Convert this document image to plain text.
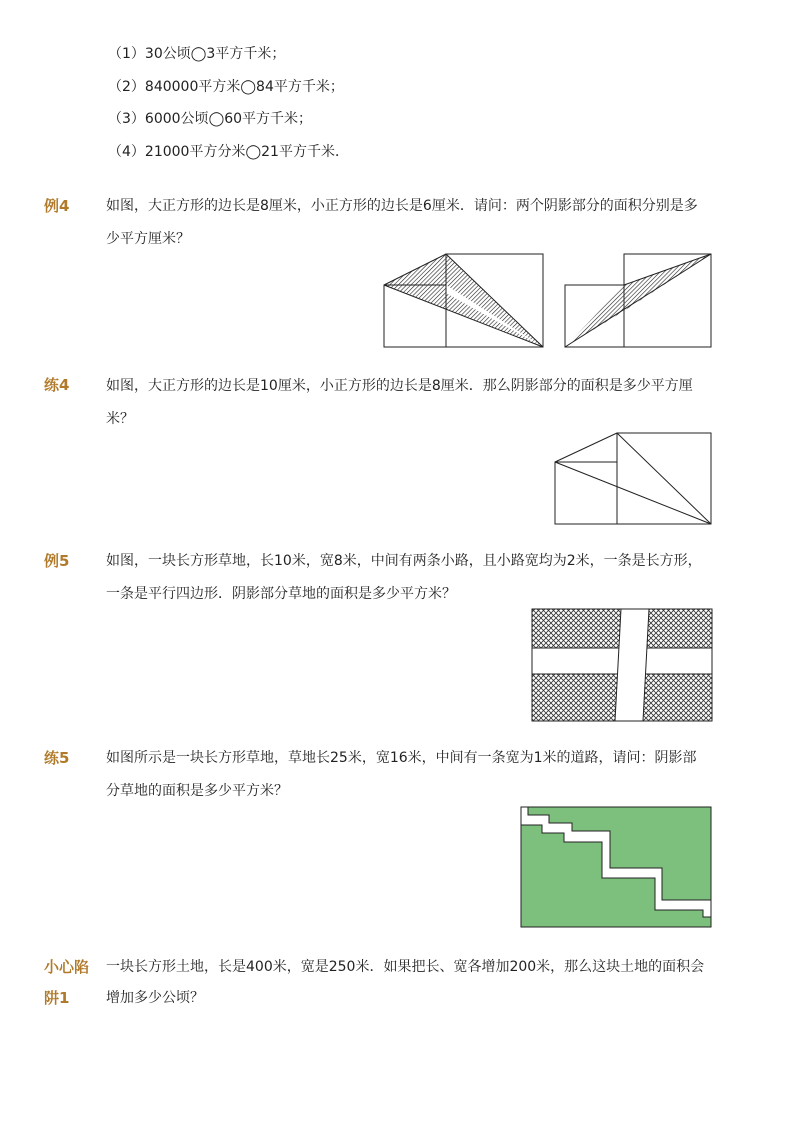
（1）30公顷◯3平方千米；
（2）840000平方米◯84平方千米；
（3）6000公顷◯60平方千米；
（4）21000平方分米◯21平方千米．
例4	如图，大正方形的边长是8厘米，小正方形的边长是6厘米．请问：两个阴影部分的面积分别是多
少平方厘米？
练4	如图，大正方形的边长是10厘米，小正方形的边长是8厘米．那么阴影部分的面积是多少平方厘
米？
例5	如图，一块长方形草地，长10米，宽8米，中间有两条小路，且小路宽均为2米，一条是长方形，
一条是平行四边形．阴影部分草地的面积是多少平方米？
练5	如图所示是一块长方形草地，草地长25米，宽16米，中间有一条宽为1米的道路，请问：阴影部
分草地的面积是多少平方米？
小心陷
阱1
一块长方形土地，长是400米，宽是250米．如果把长、宽各增加200米，那么这块土地的面积会
增加多少公顷？
